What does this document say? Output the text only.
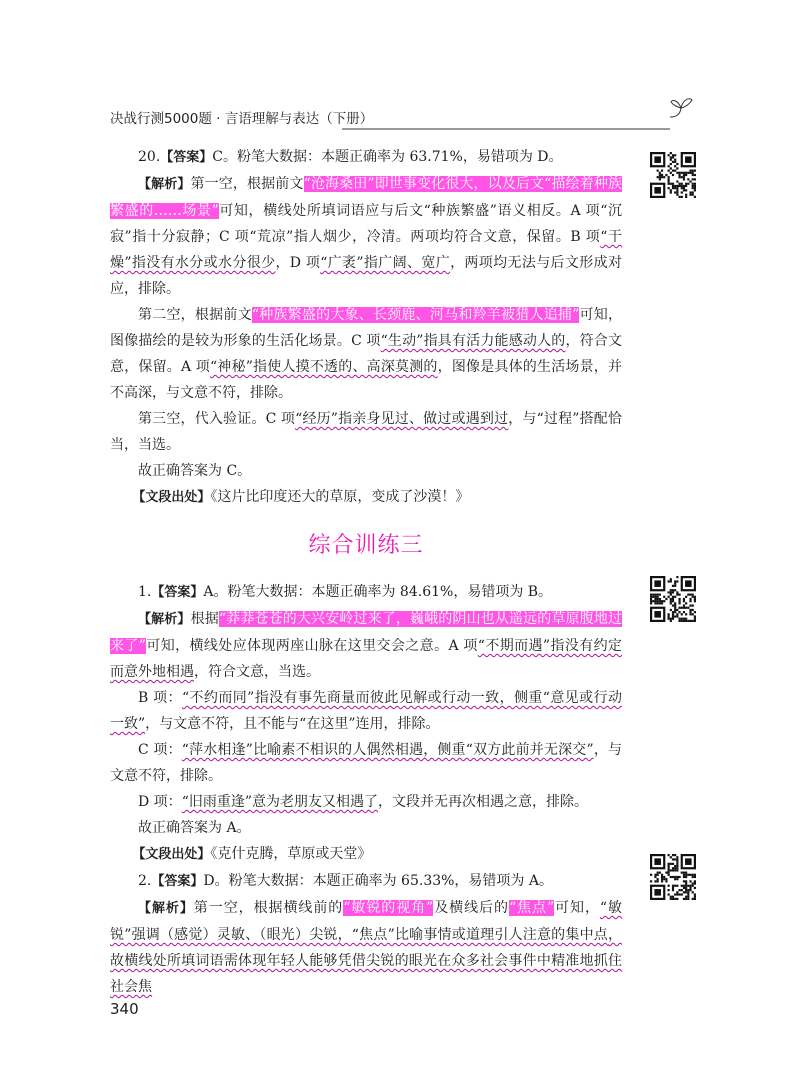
决战行测5000题 · 言语理解与表达（下册）

20.【答案】C。粉笔大数据：本题正确率为 63.71%，易错项为 D。

【解析】第一空，根据前文“沧海桑田”即世事变化很大，以及后文“描绘着种族繁盛的……场景”可知，横线处所填词语应与后文“种族繁盛”语义相反。A 项“沉寂”指十分寂静；C 项“荒凉”指人烟少，冷清。两项均符合文意，保留。B 项“干燥”指没有水分或水分很少，D 项“广袤”指广阔、宽广，两项均无法与后文形成对应，排除。

第二空，根据前文“种族繁盛的大象、长颈鹿、河马和羚羊被猎人追捕”可知，图像描绘的是较为形象的生活化场景。C 项“生动”指具有活力能感动人的，符合文意，保留。A 项“神秘”指使人摸不透的、高深莫测的，图像是具体的生活场景，并不高深，与文意不符，排除。

第三空，代入验证。C 项“经历”指亲身见过、做过或遇到过，与“过程”搭配恰当，当选。

故正确答案为 C。

【文段出处】《这片比印度还大的草原，变成了沙漠！》

综合训练三

1.【答案】A。粉笔大数据：本题正确率为 84.61%，易错项为 B。

【解析】根据“莽莽苍苍的大兴安岭过来了，巍峨的阴山也从遥远的草原腹地过来了”可知，横线处应体现两座山脉在这里交会之意。A 项“不期而遇”指没有约定而意外地相遇，符合文意，当选。

B 项：“不约而同”指没有事先商量而彼此见解或行动一致，侧重“意见或行动一致”，与文意不符，且不能与“在这里”连用，排除。

C 项：“萍水相逢”比喻素不相识的人偶然相遇，侧重“双方此前并无深交”，与文意不符，排除。

D 项：“旧雨重逢”意为老朋友又相遇了，文段并无再次相遇之意，排除。

故正确答案为 A。

【文段出处】《克什克腾，草原或天堂》

2.【答案】D。粉笔大数据：本题正确率为 65.33%，易错项为 A。

【解析】第一空，根据横线前的“敏锐的视角”及横线后的“焦点”可知，“敏锐”强调（感觉）灵敏、（眼光）尖锐，“焦点”比喻事情或道理引人注意的集中点，故横线处所填词语需体现年轻人能够凭借尖锐的眼光在众多社会事件中精准地抓住社会焦

340
